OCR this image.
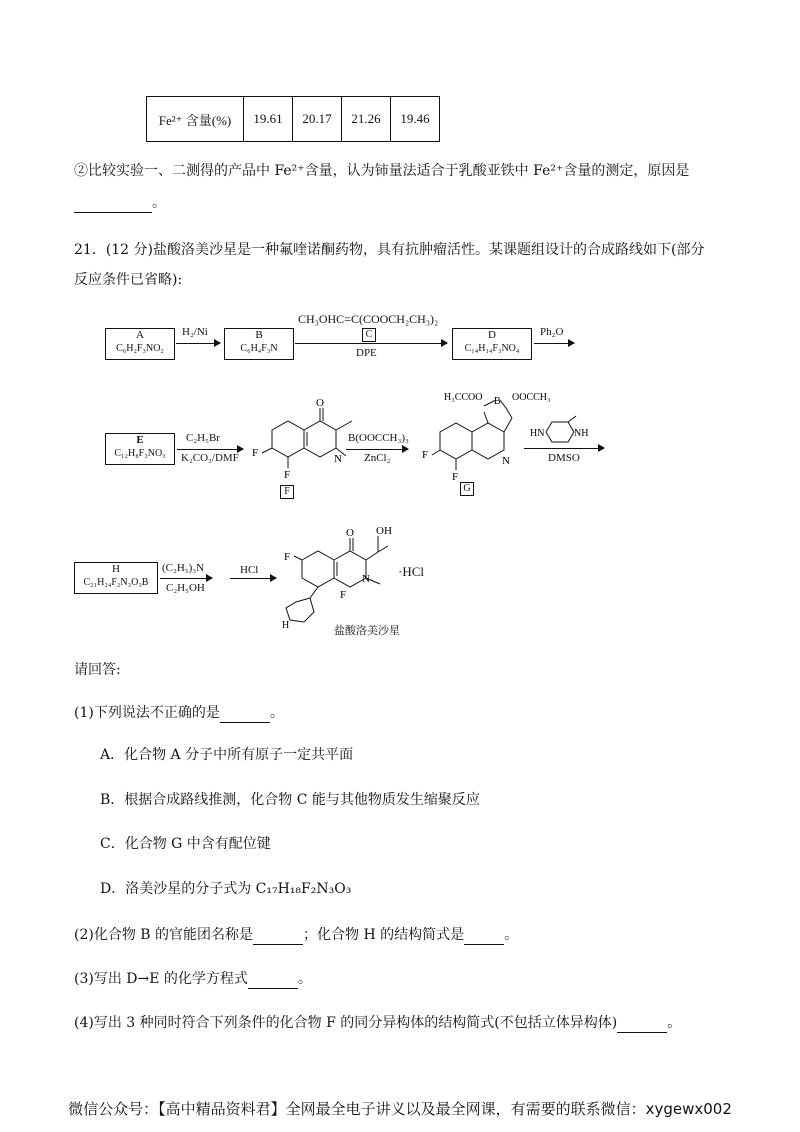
Fe²⁺ 含量(%)	19.61	20.17	21.26	19.46
②比较实验一、二测得的产品中 Fe²⁺含量，认为铈量法适合于乳酸亚铁中 Fe²⁺含量的测定，原因是
。
21．(12 分)盐酸洛美沙星是一种氟喹诺酮药物，具有抗肿瘤活性。某课题组设计的合成路线如下(部分
反应条件已省略):
A
C₆H₂F₃NO₂ →
H₂/Ni	B
C₆H₄F₃N
CH₃OHC=C(COOCH₂CH₃)₂
C
DPE
D
C₁₄H₁₄F₃NO₄ →
Ph₂O
E
C₁₂H₈F₃NO₃
C₂H₅Br
K₂CO₃/DMF
O
F
F
N
F
B(OOCCH₃)₃
ZnCl₂
H₃CCOO	OOCCH₃
B
F
F
N
G
HN	NH
DMSO
H
C₂₁H₂₄F₂N₃O₃B →
(C₂H₅)₃N
C₂H₅OH
HCl
O OH
F
F
N
H
·HCl
盐酸洛美沙星
请回答:
(1)下列说法不正确的是	。
A．化合物 A 分子中所有原子一定共平面
B．根据合成路线推测，化合物 C 能与其他物质发生缩聚反应
C．化合物 G 中含有配位键
D．洛美沙星的分子式为 C₁₇H₁₈F₂N₃O₃
(2)化合物 B 的官能团名称是	；化合物 H 的结构简式是	。
(3)写出 D→E 的化学方程式	。
(4)写出 3 种同时符合下列条件的化合物 F 的同分异构体的结构简式(不包括立体异构体)	。
微信公众号：【高中精品资料君】全网最全电子讲义以及最全网课，有需要的联系微信：xygewx002
